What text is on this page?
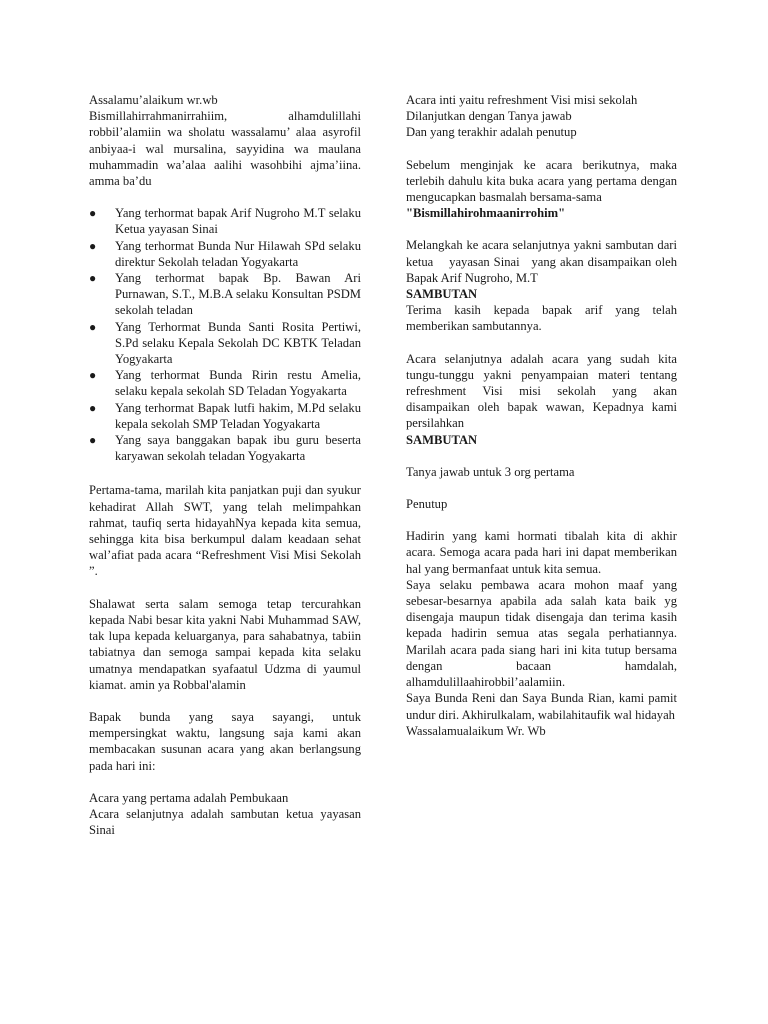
Assalamu’alaikum wr.wb
Bismillahirrahmanirrahiim, alhamdulillahi robbil’alamiin wa sholatu wassalamu’ alaa asyrofil anbiyaa-i wal mursalina, sayyidina wa maulana muhammadin wa’alaa aalihi wasohbihi ajma’iina. amma ba’du
● Yang terhormat bapak Arif Nugroho M.T selaku Ketua yayasan Sinai
● Yang terhormat Bunda Nur Hilawah SPd selaku direktur Sekolah teladan Yogyakarta
● Yang terhormat bapak Bp. Bawan Ari Purnawan, S.T., M.B.A selaku Konsultan PSDM sekolah teladan
● Yang Terhormat Bunda Santi Rosita Pertiwi, S.Pd selaku Kepala Sekolah DC KBTK Teladan Yogyakarta
● Yang terhormat Bunda Ririn restu Amelia, selaku kepala sekolah SD Teladan Yogyakarta
● Yang terhormat Bapak lutfi hakim, M.Pd selaku kepala sekolah SMP Teladan Yogyakarta
● Yang saya banggakan bapak ibu guru beserta karyawan sekolah teladan Yogyakarta

Pertama-tama, marilah kita panjatkan puji dan syukur kehadirat Allah SWT, yang telah melimpahkan rahmat, taufiq serta hidayahNya kepada kita semua, sehingga kita bisa berkumpul dalam keadaan sehat wal’afiat pada acara “Refreshment Visi Misi Sekolah ”.

Shalawat serta salam semoga tetap tercurahkan kepada Nabi besar kita yakni Nabi Muhammad SAW, tak lupa kepada keluarganya, para sahabatnya, tabiin tabiatnya dan semoga sampai kepada kita selaku umatnya mendapatkan syafaatul Udzma di yaumul kiamat. amin ya Robbal'alamin

Bapak bunda yang saya sayangi, untuk mempersingkat waktu, langsung saja kami akan membacakan susunan acara yang akan berlangsung pada hari ini:

Acara yang pertama adalah Pembukaan
Acara selanjutnya adalah sambutan ketua yayasan Sinai
Acara inti yaitu refreshment Visi misi sekolah
Dilanjutkan dengan Tanya jawab
Dan yang terakhir adalah penutup
Sebelum menginjak ke acara berikutnya, maka terlebih dahulu kita buka acara yang pertama dengan mengucapkan basmalah bersama-sama
"Bismillahirohmaanirrohim"
Melangkah ke acara selanjutnya yakni sambutan dari ketua    yayasan Sinai   yang akan disampaikan oleh Bapak Arif Nugroho, M.T
SAMBUTAN
Terima kasih kepada bapak arif yang telah memberikan sambutannya.
Acara selanjutnya adalah acara yang sudah kita tungu-tunggu yakni penyampaian materi tentang refreshment Visi misi sekolah yang akan disampaikan oleh bapak wawan, Kepadnya kami persilahkan
SAMBUTAN

Tanya jawab untuk 3 org pertama

Penutup

Hadirin yang kami hormati tibalah kita di akhir acara. Semoga acara pada hari ini dapat memberikan hal yang bermanfaat untuk kita semua.
Saya selaku pembawa acara mohon maaf yang sebesar-besarnya apabila ada salah kata baik yg disengaja maupun tidak disengaja dan terima kasih kepada hadirin semua atas segala perhatiannya. Marilah acara pada siang hari ini kita tutup bersama dengan bacaan hamdalah, alhamdulillaahirobbil’aalamiin.
Saya Bunda Reni dan Saya Bunda Rian, kami pamit undur diri. Akhirulkalam, wabilahitaufik wal hidayah
Wassalamualaikum Wr. Wb
